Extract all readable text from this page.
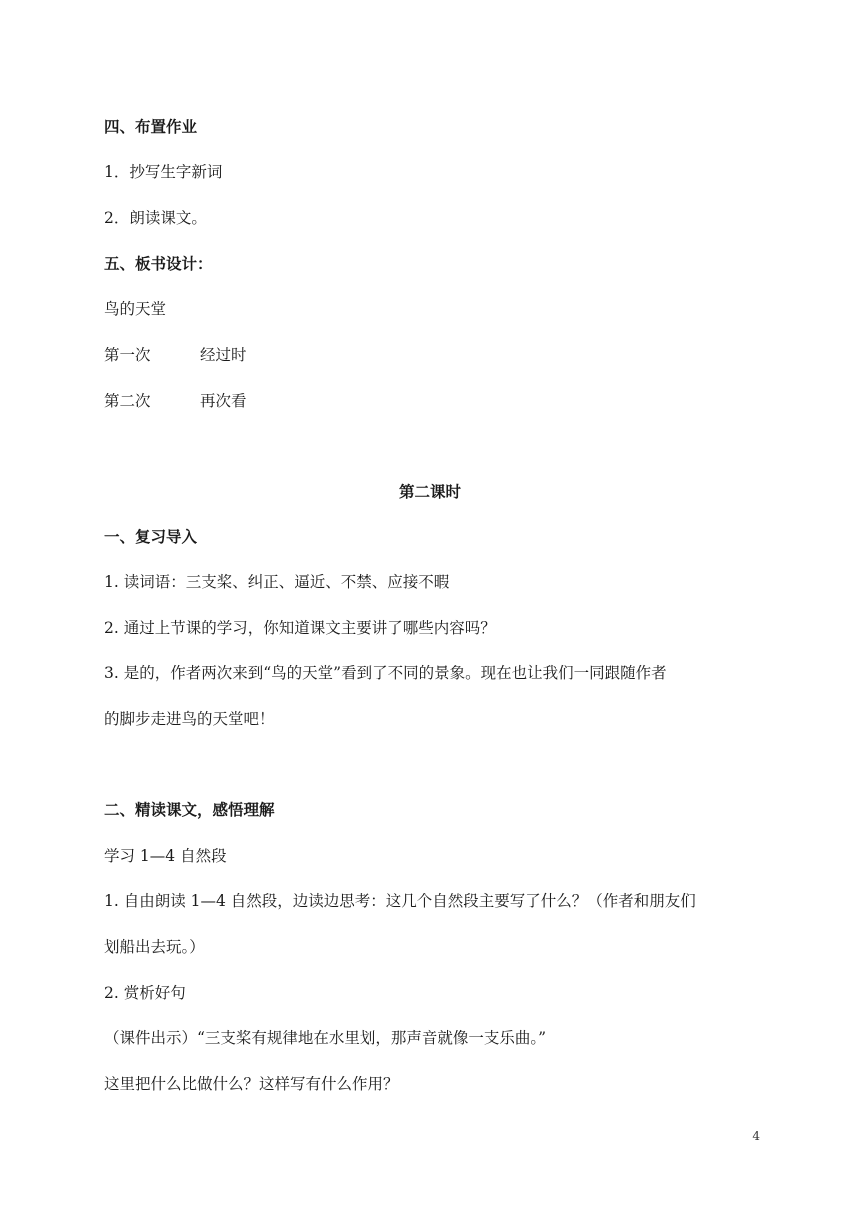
四、布置作业
1．抄写生字新词
2．朗读课文。
五、板书设计：
鸟的天堂
第一次	经过时
第二次	再次看
第二课时
一、复习导入
1. 读词语：三支桨、纠正、逼近、不禁、应接不暇
2. 通过上节课的学习，你知道课文主要讲了哪些内容吗？
3. 是的，作者两次来到“鸟的天堂”看到了不同的景象。现在也让我们一同跟随作者
的脚步走进鸟的天堂吧！
二、精读课文，感悟理解
学习 1—4 自然段
1. 自由朗读 1—4 自然段，边读边思考：这几个自然段主要写了什么？（作者和朋友们
划船出去玩。）
2. 赏析好句
（课件出示）“三支桨有规律地在水里划，那声音就像一支乐曲。”
这里把什么比做什么？这样写有什么作用？
4
